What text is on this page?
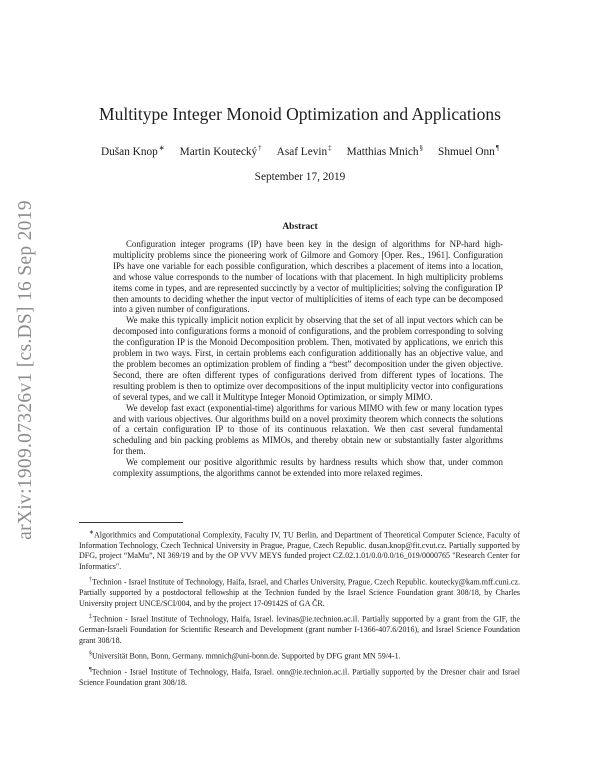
arXiv:1909.07326v1 [cs.DS] 16 Sep 2019
Multitype Integer Monoid Optimization and Applications
Dušan Knop∗ Martin Koutecký† Asaf Levin‡ Matthias Mnich§ Shmuel Onn¶
September 17, 2019
Abstract

Configuration integer programs (IP) have been key in the design of algorithms for NP-hard high-multiplicity problems since the pioneering work of Gilmore and Gomory [Oper. Res., 1961]. Configuration IPs have one variable for each possible configuration, which describes a placement of items into a location, and whose value corresponds to the number of locations with that placement. In high multiplicity problems items come in types, and are represented succinctly by a vector of multiplicities; solving the configuration IP then amounts to deciding whether the input vector of multiplicities of items of each type can be decomposed into a given number of configurations.

We make this typically implicit notion explicit by observing that the set of all input vectors which can be decomposed into configurations forms a monoid of configurations, and the problem corresponding to solving the configuration IP is the Monoid Decomposition problem. Then, motivated by applications, we enrich this problem in two ways. First, in certain problems each configuration additionally has an objective value, and the problem becomes an optimization problem of finding a “best” decomposition under the given objective. Second, there are often different types of configurations derived from different types of locations. The resulting problem is then to optimize over decompositions of the input multiplicity vector into configurations of several types, and we call it Multitype Integer Monoid Optimization, or simply MIMO.

We develop fast exact (exponential-time) algorithms for various MIMO with few or many location types and with various objectives. Our algorithms build on a novel proximity theorem which connects the solutions of a certain configuration IP to those of its continuous relaxation. We then cast several fundamental scheduling and bin packing problems as MIMOs, and thereby obtain new or substantially faster algorithms for them.

We complement our positive algorithmic results by hardness results which show that, under common complexity assumptions, the algorithms cannot be extended into more relaxed regimes.

∗Algorithmics and Computational Complexity, Faculty IV, TU Berlin, and Department of Theoretical Computer Science, Faculty of Information Technology, Czech Technical University in Prague, Prague, Czech Republic. dusan.knop@fit.cvut.cz. Partially supported by DFG, project “MaMu”, NI 369/19 and by the OP VVV MEYS funded project CZ.02.1.01/0.0/0.0/16_019/0000765 "Research Center for Informatics".

†Technion - Israel Institute of Technology, Haifa, Israel, and Charles University, Prague, Czech Republic. koutecky@kam.mff.cuni.cz. Partially supported by a postdoctoral fellowship at the Technion funded by the Israel Science Foundation grant 308/18, by Charles University project UNCE/SCI/004, and by the project 17-09142S of GA ČR.

‡Technion - Israel Institute of Technology, Haifa, Israel. levinas@ie.technion.ac.il. Partially supported by a grant from the GIF, the German-Israeli Foundation for Scientific Research and Development (grant number I-1366-407.6/2016), and Israel Science Foundation grant 308/18.

§Universität Bonn, Bonn, Germany. mmnich@uni-bonn.de. Supported by DFG grant MN 59/4-1.

¶Technion - Israel Institute of Technology, Haifa, Israel. onn@ie.technion.ac.il. Partially supported by the Dresner chair and Israel Science Foundation grant 308/18.
